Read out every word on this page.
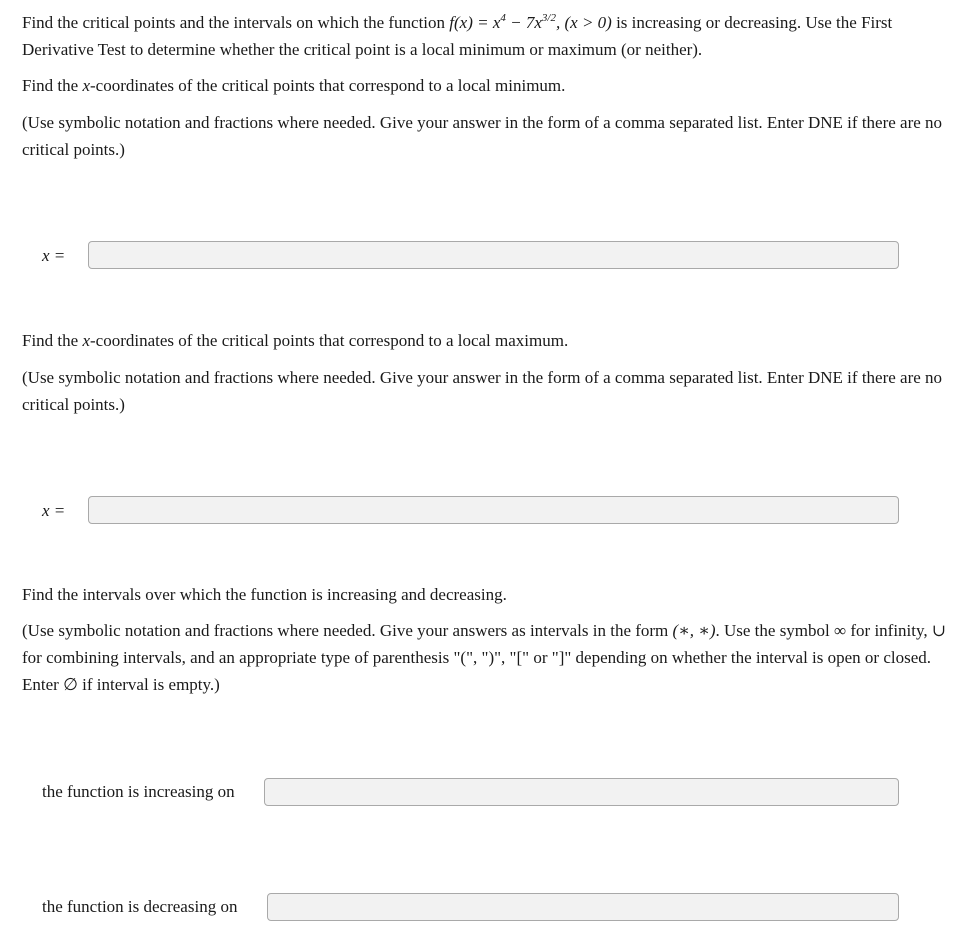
Find the critical points and the intervals on which the function $f(x) = x^4 - 7x^{3/2}$, (x > 0) is increasing or decreasing. Use the First Derivative Test to determine whether the critical point is a local minimum or maximum (or neither).

Find the x-coordinates of the critical points that correspond to a local minimum.

(Use symbolic notation and fractions where needed. Give your answer in the form of a comma separated list. Enter DNE if there are no critical points.)

x =

Find the x-coordinates of the critical points that correspond to a local maximum.

(Use symbolic notation and fractions where needed. Give your answer in the form of a comma separated list. Enter DNE if there are no critical points.)

x =

Find the intervals over which the function is increasing and decreasing.

(Use symbolic notation and fractions where needed. Give your answers as intervals in the form (∗, ∗). Use the symbol ∞ for infinity, ∪ for combining intervals, and an appropriate type of parenthesis "(", ")", "[" or "]" depending on whether the interval is open or closed. Enter ∅ if interval is empty.)

the function is increasing on
the function is decreasing on
